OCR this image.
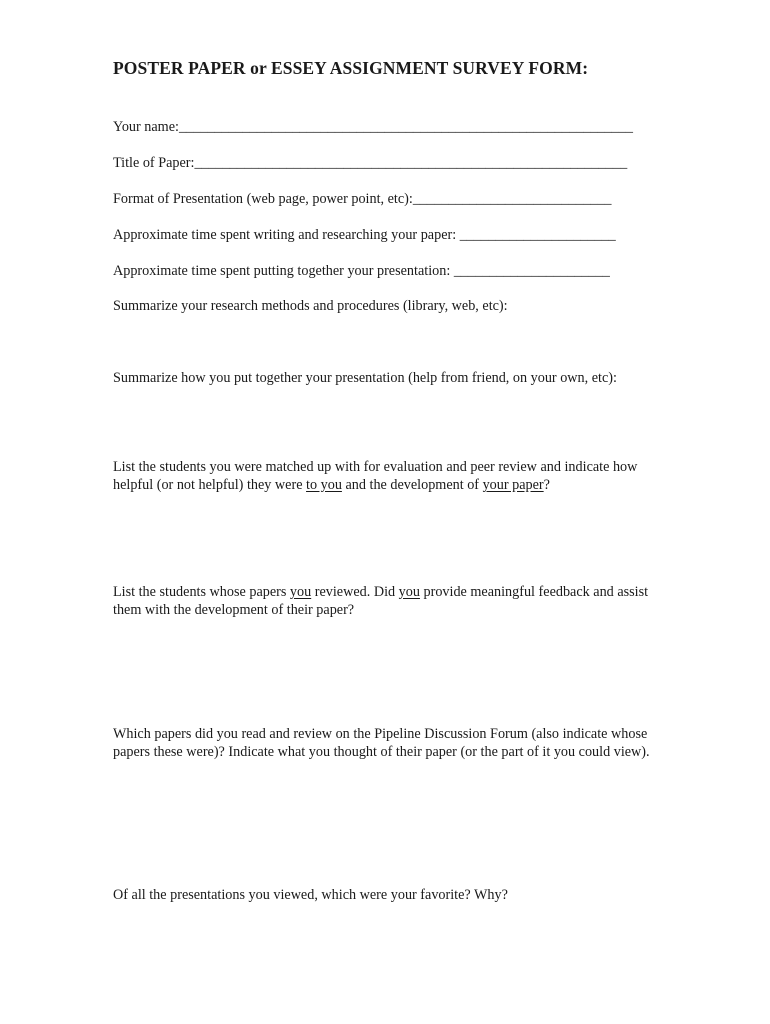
POSTER PAPER or ESSEY ASSIGNMENT SURVEY FORM:
Your name:________________________________________________________________
Title of Paper:_____________________________________________________________
Format of Presentation (web page, power point, etc):____________________________
Approximate time spent writing and researching your paper: ______________________
Approximate time spent putting together your presentation: ______________________
Summarize your research methods and procedures (library, web, etc):
Summarize how you put together your presentation (help from friend, on your own, etc):
List the students you were matched up with for evaluation and peer review and indicate how helpful (or not helpful) they were to you and the development of your paper?
List the students whose papers you reviewed. Did you provide meaningful feedback and assist them with the development of their paper?
Which papers did you read and review on the Pipeline Discussion Forum (also indicate whose papers these were)? Indicate what you thought of their paper (or the part of it you could view).
Of all the presentations you viewed, which were your favorite? Why?
